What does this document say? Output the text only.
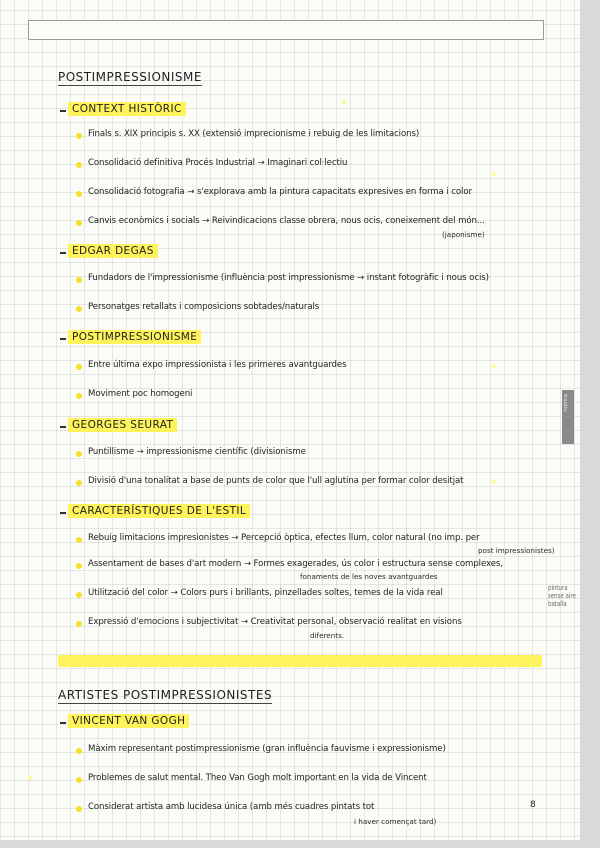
rubrica
POSTIMPRESSIONISME
CONTEXT HISTÒRIC
Finals s. XIX principis s. XX (extensió imprecionisme i rebuig de les limitacions)
Consolidació definitiva Procés Industrial → Imaginari col·lectiu
Consolidació fotografia → s'explorava amb la pintura capacitats expresives en forma i color
Canvis econòmics i socials → Reivindicacions classe obrera, nous ocis, coneixement del món...
(japonisme)
EDGAR DEGAS
Fundadors de l'impressionisme (influència post impressionisme → instant fotogràfic i nous ocis)
Personatges retallats i composicions sobtades/naturals
POSTIMPRESSIONISME
Entre última expo impressionista i les primeres avantguardes
Moviment poc homogeni
GEORGES SEURAT
Puntillisme → impressionisme científic (divisionisme
Divisió d'una tonalitat a base de punts de color que l'ull aglutina per formar color desitjat
CARACTERÍSTIQUES DE L'ESTIL
Rebuig limitacions impresionistes → Percepció òptica, efectes llum, color natural (no imp. per
post impressionistes)
Assentament de bases d'art modern → Formes exagerades, ús color i estructura sense complexes,
fonaments de les noves avantguardes
Utilització del color → Colors purs i brillants, pinzellades soltes, temes de la vida real	pintura
sense aire
batalla
Expressió d'emocions i subjectivitat → Creativitat personal, observació realitat en visions
diferents.
ARTISTES POSTIMPRESSIONISTES
VINCENT VAN GOGH
Màxim representant postimpressionisme (gran influència fauvisme i expressionisme)
Problemes de salut mental. Theo Van Gogh molt important en la vida de Vincent
Considerat artista amb lucidesa única (amb més cuadres pintats tot	8
i haver començat tard)
